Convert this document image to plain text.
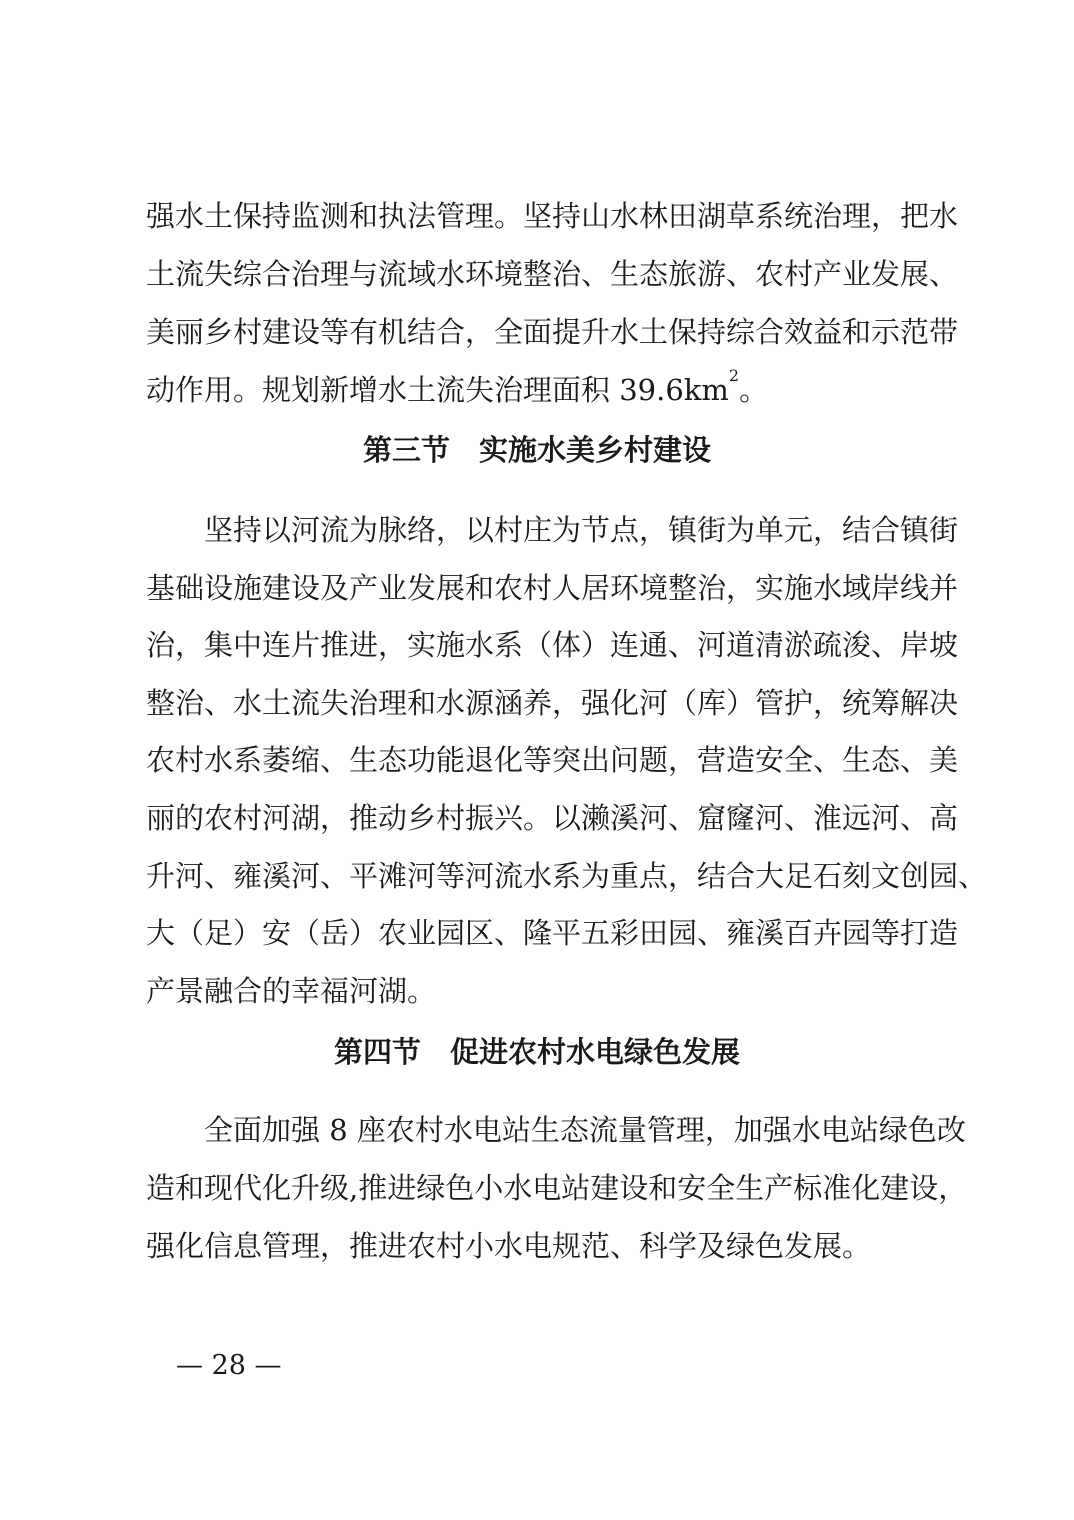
强水土保持监测和执法管理。坚持山水林田湖草系统治理，把水
土流失综合治理与流域水环境整治、生态旅游、农村产业发展、
美丽乡村建设等有机结合，全面提升水土保持综合效益和示范带
动作用。规划新增水土流失治理面积 $39.6km^2$。
第三节　实施水美乡村建设
坚持以河流为脉络，以村庄为节点，镇街为单元，结合镇街
基础设施建设及产业发展和农村人居环境整治，实施水域岸线并
治，集中连片推进，实施水系（体）连通、河道清淤疏浚、岸坡
整治、水土流失治理和水源涵养，强化河（库）管护，统筹解决
农村水系萎缩、生态功能退化等突出问题，营造安全、生态、美
丽的农村河湖，推动乡村振兴。以濑溪河、窟窿河、淮远河、高
升河、雍溪河、平滩河等河流水系为重点，结合大足石刻文创园、
大（足）安（岳）农业园区、隆平五彩田园、雍溪百卉园等打造
产景融合的幸福河湖。
第四节　促进农村水电绿色发展
全面加强 8 座农村水电站生态流量管理，加强水电站绿色改
造和现代化升级,推进绿色小水电站建设和安全生产标准化建设，
强化信息管理，推进农村小水电规范、科学及绿色发展。
— 28 —
